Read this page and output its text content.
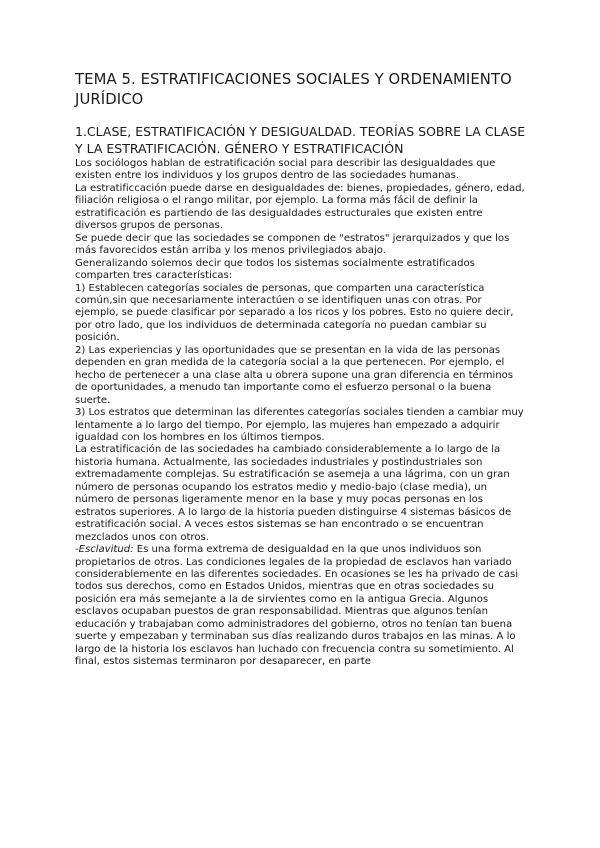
TEMA 5. ESTRATIFICACIONES SOCIALES Y ORDENAMIENTO JURÍDICO
1.CLASE, ESTRATIFICACIÓN Y DESIGUALDAD. TEORÍAS SOBRE LA CLASE Y LA ESTRATIFICACIÓN. GÉNERO Y ESTRATIFICACIÓN

Los sociólogos hablan de estratificación social para describir las desigualdades que existen entre los individuos y los grupos dentro de las sociedades humanas.

La estratificcación puede darse en desigualdades de: bienes, propiedades, género, edad, filiación religiosa o el rango militar, por ejemplo. La forma más fácil de definir la estratificación es partiendo de las desigualdades estructurales que existen entre diversos grupos de personas.

Se puede decir que las sociedades se componen de "estratos" jerarquizados y que los más favorecidos están arriba y los menos privilegiados abajo.

Generalizando solemos decir que todos los sistemas socialmente estratificados comparten tres características:

1) Establecen categorías sociales de personas, que comparten una característica común,sin que necesariamente interactúen o se identifiquen unas con otras. Por ejemplo, se puede clasificar por separado a los ricos y los pobres. Esto no quiere decir, por otro lado, que los individuos de determinada categoría no puedan cambiar su posición.

2) Las experiencias y las oportunidades que se presentan en la vida de las personas dependen en gran medida de la categoría social a la que pertenecen. Por ejemplo, el hecho de pertenecer a una clase alta u obrera supone una gran diferencia en términos de oportunidades, a menudo tan importante como el esfuerzo personal o la buena suerte.

3) Los estratos que determinan las diferentes categorías sociales tienden a cambiar muy lentamente a lo largo del tiempo. Por ejemplo, las mujeres han empezado a adquirir igualdad con los hombres en los últimos tiempos.

La estratificación de las sociedades ha cambiado considerablemente a lo largo de la historia humana. Actualmente, las sociedades industriales y postindustriales son extremadamente complejas. Su estratificación se asemeja a una lágrima, con un gran número de personas ocupando los estratos medio y medio-bajo (clase media), un número de personas ligeramente menor en la base y muy pocas personas en los estratos superiores. A lo largo de la historia pueden distinguirse 4 sistemas básicos de estratificación social. A veces estos sistemas se han encontrado o se encuentran mezclados unos con otros.

-Esclavitud: Es una forma extrema de desigualdad en la que unos individuos son propietarios de otros. Las condiciones legales de la propiedad de esclavos han variado considerablemente en las diferentes sociedades. En ocasiones se les ha privado de casi todos sus derechos, como en Estados Unidos, mientras que en otras sociedades su posición era más semejante a la de sirvientes como en la antigua Grecia. Algunos esclavos ocupaban puestos de gran responsabilidad. Mientras que algunos tenían educación y trabajaban como administradores del gobierno, otros no tenían tan buena suerte y empezaban y terminaban sus días realizando duros trabajos en las minas. A lo largo de la historia los esclavos han luchado con frecuencia contra su sometimiento. Al final, estos sistemas terminaron por desaparecer, en parte
